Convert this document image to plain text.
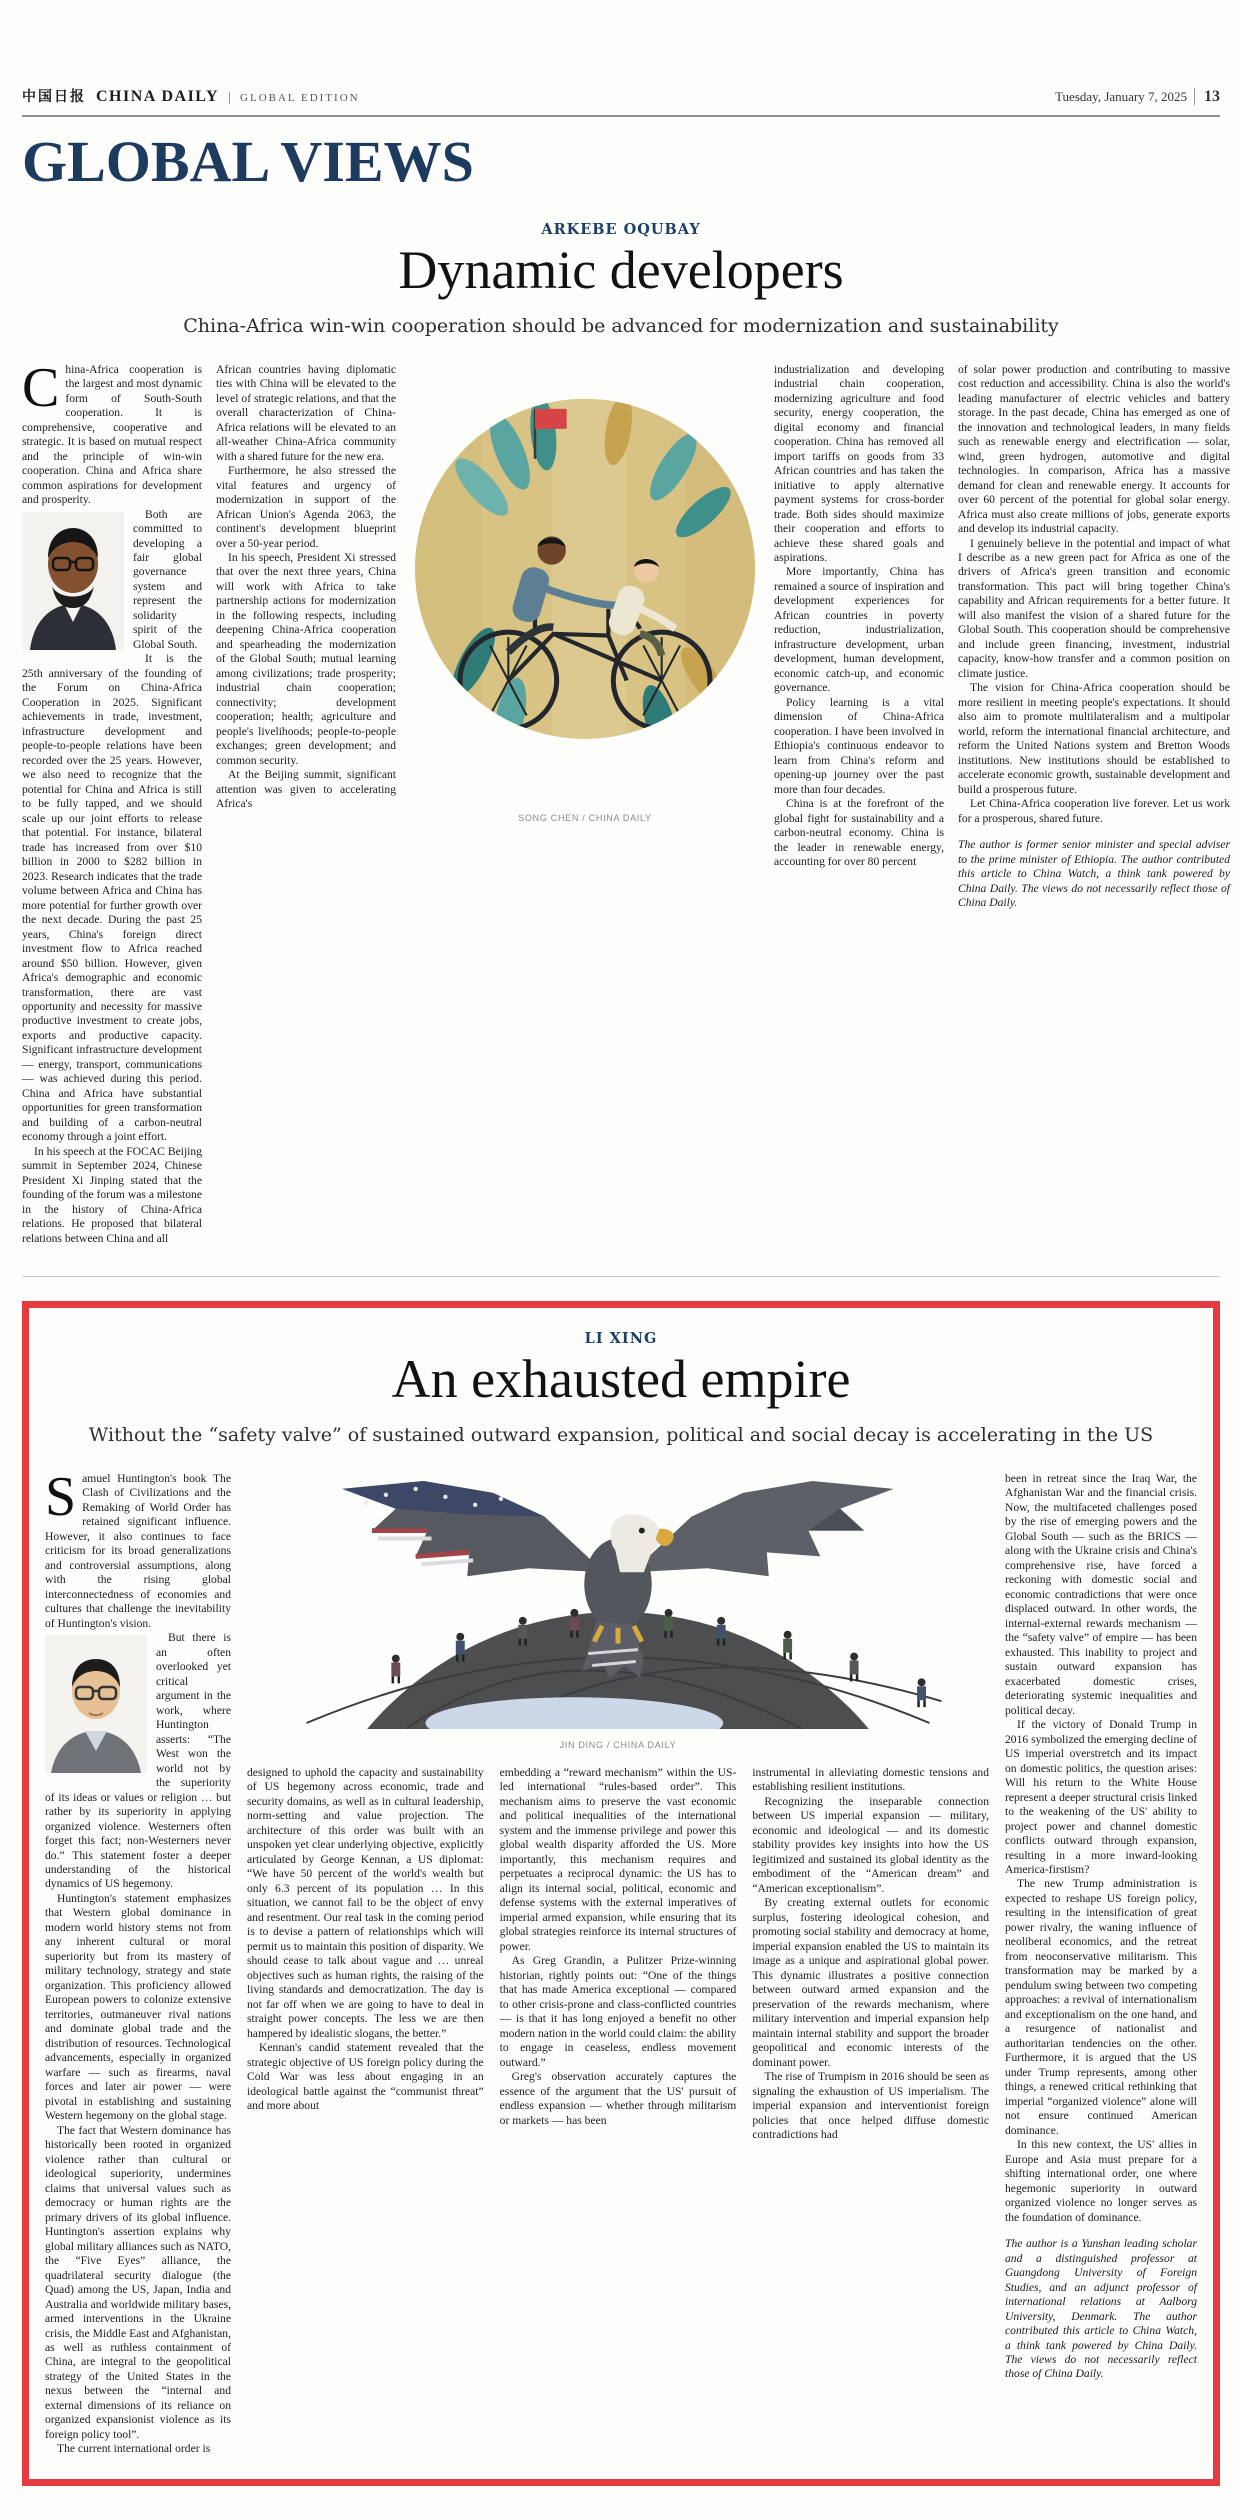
中国日报 CHINA DAILY	GLOBAL EDITION	Tuesday, January 7, 2025 13
GLOBAL VIEWS
ARKEBE OQUBAY
Dynamic developers

China-Africa win-win cooperation should be advanced for modernization and sustainability

China-Africa cooperation is the largest and most dynamic form of South-South cooperation. It is comprehensive, cooperative and strategic. It is based on mutual respect and the principle of win-win cooperation. China and Africa share common aspirations for development and prosperity.

Both are committed to developing a fair global governance system and represent the solidarity spirit of the Global South.

It is the 25th anniversary of the founding of the Forum on China-Africa Cooperation in 2025. Significant achievements in trade, investment, infrastructure development and people-to-people relations have been recorded over the 25 years. However, we also need to recognize that the potential for China and Africa is still to be fully tapped, and we should scale up our joint efforts to release that potential. For instance, bilateral trade has increased from over $10 billion in 2000 to $282 billion in 2023. Research indicates that the trade volume between Africa and China has more potential for further growth over the next decade. During the past 25 years, China's foreign direct investment flow to Africa reached around $50 billion. However, given Africa's demographic and economic transformation, there are vast opportunity and necessity for massive productive investment to create jobs, exports and productive capacity. Significant infrastructure development — energy, transport, communications — was achieved during this period. China and Africa have substantial opportunities for green transformation and building of a carbon-neutral economy through a joint effort.

In his speech at the FOCAC Beijing summit in September 2024, Chinese President Xi Jinping stated that the founding of the forum was a milestone in the history of China-Africa relations. He proposed that bilateral relations between China and all

African countries having diplomatic ties with China will be elevated to the level of strategic relations, and that the overall characterization of China-Africa relations will be elevated to an all-weather China-Africa community with a shared future for the new era.

Furthermore, he also stressed the vital features and urgency of modernization in support of the African Union's Agenda 2063, the continent's development blueprint over a 50-year period.

In his speech, President Xi stressed that over the next three years, China will work with Africa to take partnership actions for modernization in the following respects, including deepening China-Africa cooperation and spearheading the modernization of the Global South; mutual learning among civilizations; trade prosperity; industrial chain cooperation; connectivity; development cooperation; health; agriculture and people's livelihoods; people-to-people exchanges; green development; and common security.

At the Beijing summit, significant attention was given to accelerating Africa's

SONG CHEN / CHINA DAILY

industrialization and developing industrial chain cooperation, modernizing agriculture and food security, energy cooperation, the digital economy and financial cooperation. China has removed all import tariffs on goods from 33 African countries and has taken the initiative to apply alternative payment systems for cross-border trade. Both sides should maximize their cooperation and efforts to achieve these shared goals and aspirations.

More importantly, China has remained a source of inspiration and development experiences for African countries in poverty reduction, industrialization, infrastructure development, urban development, human development, economic catch-up, and economic governance.

Policy learning is a vital dimension of China-Africa cooperation. I have been involved in Ethiopia's continuous endeavor to learn from China's reform and opening-up journey over the past more than four decades.

China is at the forefront of the global fight for sustainability and a carbon-neutral economy. China is the leader in renewable energy, accounting for over 80 percent

of solar power production and contributing to massive cost reduction and accessibility. China is also the world's leading manufacturer of electric vehicles and battery storage. In the past decade, China has emerged as one of the innovation and technological leaders, in many fields such as renewable energy and electrification — solar, wind, green hydrogen, automotive and digital technologies. In comparison, Africa has a massive demand for clean and renewable energy. It accounts for over 60 percent of the potential for global solar energy. Africa must also create millions of jobs, generate exports and develop its industrial capacity.

I genuinely believe in the potential and impact of what I describe as a new green pact for Africa as one of the drivers of Africa's green transition and economic transformation. This pact will bring together China's capability and African requirements for a better future. It will also manifest the vision of a shared future for the Global South. This cooperation should be comprehensive and include green financing, investment, industrial capacity, know-how transfer and a common position on climate justice.

The vision for China-Africa cooperation should be more resilient in meeting people's expectations. It should also aim to promote multilateralism and a multipolar world, reform the international financial architecture, and reform the United Nations system and Bretton Woods institutions. New institutions should be established to accelerate economic growth, sustainable development and build a prosperous future.

Let China-Africa cooperation live forever. Let us work for a prosperous, shared future.

The author is former senior minister and special adviser to the prime minister of Ethiopia. The author contributed this article to China Watch, a think tank powered by China Daily. The views do not necessarily reflect those of China Daily.

LI XING
An exhausted empire

Without the “safety valve” of sustained outward expansion, political and social decay is accelerating in the US

Samuel Huntington's book The Clash of Civilizations and the Remaking of World Order has retained significant influence. However, it also continues to face criticism for its broad generalizations and controversial assumptions, along with the rising global interconnectedness of economies and cultures that challenge the inevitability of Huntington's vision.

But there is an often overlooked yet critical argument in the work, where Huntington asserts: “The West won the world not by the superiority of its ideas or values or religion … but rather by its superiority in applying organized violence. Westerners often forget this fact; non-Westerners never do.” This statement foster a deeper understanding of the historical dynamics of US hegemony.

Huntington's statement emphasizes that Western global dominance in modern world history stems not from any inherent cultural or moral superiority but from its mastery of military technology, strategy and state organization. This proficiency allowed European powers to colonize extensive territories, outmaneuver rival nations and dominate global trade and the distribution of resources. Technological advancements, especially in organized warfare — such as firearms, naval forces and later air power — were pivotal in establishing and sustaining Western hegemony on the global stage.

The fact that Western dominance has historically been rooted in organized violence rather than cultural or ideological superiority, undermines claims that universal values such as democracy or human rights are the primary drivers of its global influence. Huntington's assertion explains why global military alliances such as NATO, the “Five Eyes” alliance, the quadrilateral security dialogue (the Quad) among the US, Japan, India and Australia and worldwide military bases, armed interventions in the Ukraine crisis, the Middle East and Afghanistan, as well as ruthless containment of China, are integral to the geopolitical strategy of the United States in the nexus between the “internal and external dimensions of its reliance on organized expansionist violence as its foreign policy tool”.

The current international order is

JIN DING / CHINA DAILY

designed to uphold the capacity and sustainability of US hegemony across economic, trade and security domains, as well as in cultural leadership, norm-setting and value projection. The architecture of this order was built with an unspoken yet clear underlying objective, explicitly articulated by George Kennan, a US diplomat: “We have 50 percent of the world's wealth but only 6.3 percent of its population … In this situation, we cannot fail to be the object of envy and resentment. Our real task in the coming period is to devise a pattern of relationships which will permit us to maintain this position of disparity. We should cease to talk about vague and … unreal objectives such as human rights, the raising of the living standards and democratization. The day is not far off when we are going to have to deal in straight power concepts. The less we are then hampered by idealistic slogans, the better.”

Kennan's candid statement revealed that the strategic objective of US foreign policy during the Cold War was less about engaging in an ideological battle against the “communist threat” and more about

embedding a “reward mechanism” within the US-led international “rules-based order”. This mechanism aims to preserve the vast economic and political inequalities of the international system and the immense privilege and power this global wealth disparity afforded the US. More importantly, this mechanism requires and perpetuates a reciprocal dynamic: the US has to align its internal social, political, economic and defense systems with the external imperatives of imperial armed expansion, while ensuring that its global strategies reinforce its internal structures of power.

As Greg Grandin, a Pulitzer Prize-winning historian, rightly points out: “One of the things that has made America exceptional — compared to other crisis-prone and class-conflicted countries — is that it has long enjoyed a benefit no other modern nation in the world could claim: the ability to engage in ceaseless, endless movement outward.”

Greg's observation accurately captures the essence of the argument that the US' pursuit of endless expansion — whether through militarism or markets — has been

instrumental in alleviating domestic tensions and establishing resilient institutions.

Recognizing the inseparable connection between US imperial expansion — military, economic and ideological — and its domestic stability provides key insights into how the US legitimized and sustained its global identity as the embodiment of the “American dream” and “American exceptionalism”.

By creating external outlets for economic surplus, fostering ideological cohesion, and promoting social stability and democracy at home, imperial expansion enabled the US to maintain its image as a unique and aspirational global power. This dynamic illustrates a positive connection between outward armed expansion and the preservation of the rewards mechanism, where military intervention and imperial expansion help maintain internal stability and support the broader geopolitical and economic interests of the dominant power.

The rise of Trumpism in 2016 should be seen as signaling the exhaustion of US imperialism. The imperial expansion and interventionist foreign policies that once helped diffuse domestic contradictions had

been in retreat since the Iraq War, the Afghanistan War and the financial crisis. Now, the multifaceted challenges posed by the rise of emerging powers and the Global South — such as the BRICS — along with the Ukraine crisis and China's comprehensive rise, have forced a reckoning with domestic social and economic contradictions that were once displaced outward. In other words, the internal-external rewards mechanism — the “safety valve” of empire — has been exhausted. This inability to project and sustain outward expansion has exacerbated domestic crises, deteriorating systemic inequalities and political decay.

If the victory of Donald Trump in 2016 symbolized the emerging decline of US imperial overstretch and its impact on domestic politics, the question arises: Will his return to the White House represent a deeper structural crisis linked to the weakening of the US' ability to project power and channel domestic conflicts outward through expansion, resulting in a more inward-looking America-firstism?

The new Trump administration is expected to reshape US foreign policy, resulting in the intensification of great power rivalry, the waning influence of neoliberal economics, and the retreat from neoconservative militarism. This transformation may be marked by a pendulum swing between two competing approaches: a revival of internationalism and exceptionalism on the one hand, and a resurgence of nationalist and authoritarian tendencies on the other. Furthermore, it is argued that the US under Trump represents, among other things, a renewed critical rethinking that imperial “organized violence” alone will not ensure continued American dominance.

In this new context, the US' allies in Europe and Asia must prepare for a shifting international order, one where hegemonic superiority in outward organized violence no longer serves as the foundation of dominance.

The author is a Yunshan leading scholar and a distinguished professor at Guangdong University of Foreign Studies, and an adjunct professor of international relations at Aalborg University, Denmark. The author contributed this article to China Watch, a think tank powered by China Daily. The views do not necessarily reflect those of China Daily.
